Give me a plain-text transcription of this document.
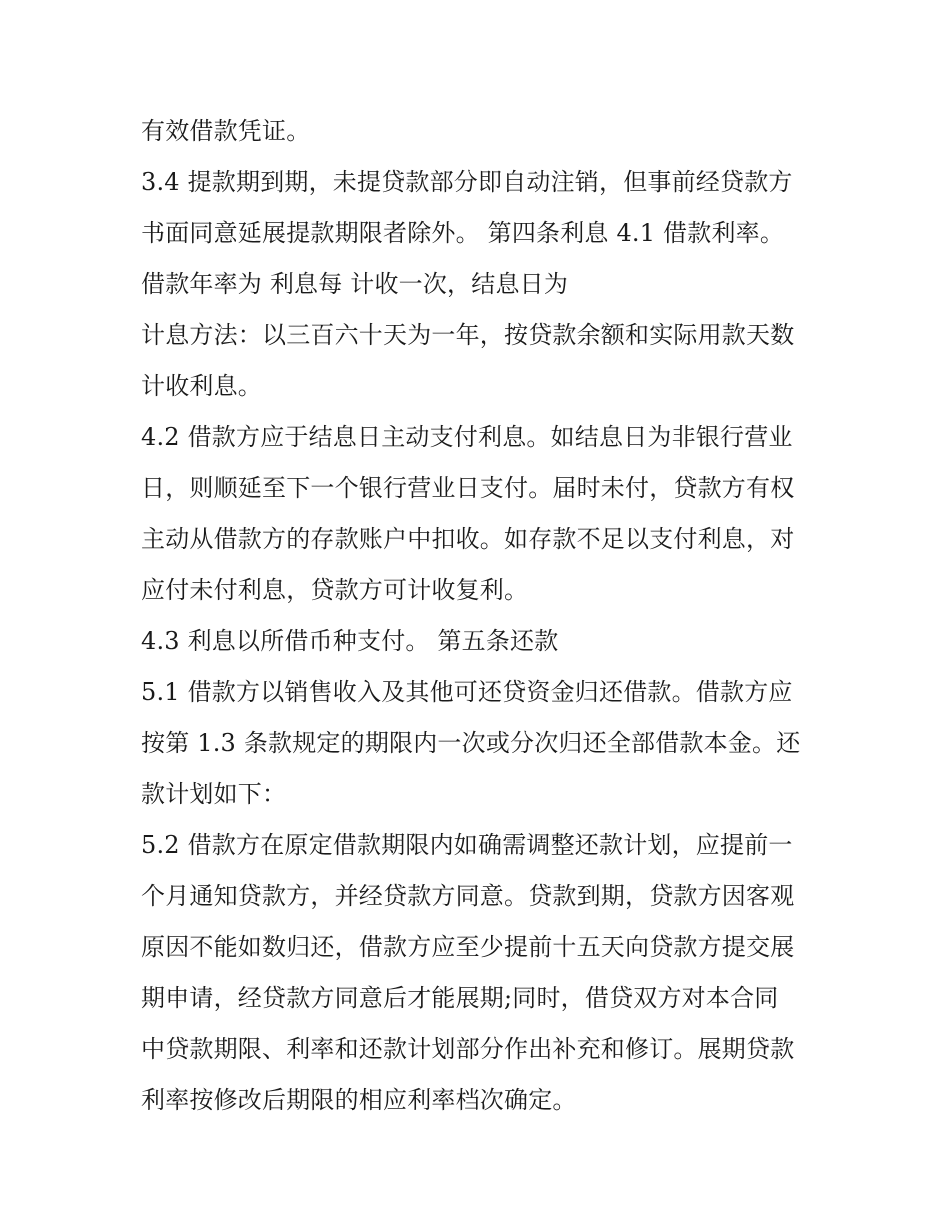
有效借款凭证。
3.4 提款期到期，未提贷款部分即自动注销，但事前经贷款方
书面同意延展提款期限者除外。 第四条利息 4.1 借款利率。
借款年率为 利息每 计收一次，结息日为
计息方法：以三百六十天为一年，按贷款余额和实际用款天数
计收利息。
4.2 借款方应于结息日主动支付利息。如结息日为非银行营业
日，则顺延至下一个银行营业日支付。届时未付，贷款方有权
主动从借款方的存款账户中扣收。如存款不足以支付利息，对
应付未付利息，贷款方可计收复利。
4.3 利息以所借币种支付。 第五条还款
5.1 借款方以销售收入及其他可还贷资金归还借款。借款方应
按第 1.3 条款规定的期限内一次或分次归还全部借款本金。还
款计划如下：
5.2 借款方在原定借款期限内如确需调整还款计划，应提前一
个月通知贷款方，并经贷款方同意。贷款到期，贷款方因客观
原因不能如数归还，借款方应至少提前十五天向贷款方提交展
期申请，经贷款方同意后才能展期;同时，借贷双方对本合同
中贷款期限、利率和还款计划部分作出补充和修订。展期贷款
利率按修改后期限的相应利率档次确定。
